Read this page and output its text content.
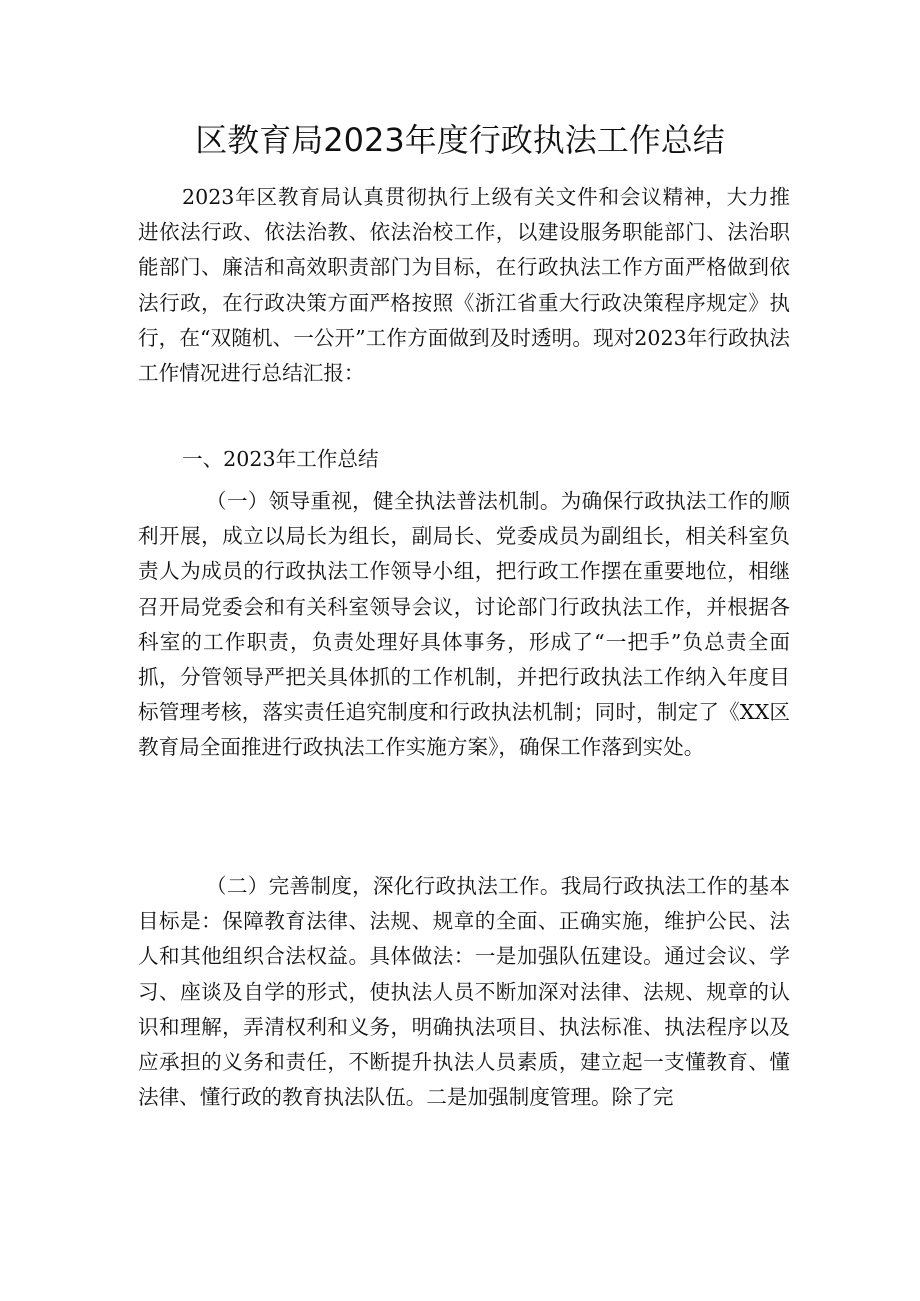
区教育局2023年度行政执法工作总结

2023年区教育局认真贯彻执行上级有关文件和会议精神，大力推进依法行政、依法治教、依法治校工作，以建设服务职能部门、法治职能部门、廉洁和高效职责部门为目标，在行政执法工作方面严格做到依法行政，在行政决策方面严格按照《浙江省重大行政决策程序规定》执行，在“双随机、一公开”工作方面做到及时透明。现对2023年行政执法工作情况进行总结汇报：

一、2023年工作总结

（一）领导重视，健全执法普法机制。为确保行政执法工作的顺利开展，成立以局长为组长，副局长、党委成员为副组长，相关科室负责人为成员的行政执法工作领导小组，把行政工作摆在重要地位，相继召开局党委会和有关科室领导会议，讨论部门行政执法工作，并根据各科室的工作职责，负责处理好具体事务，形成了“一把手”负总责全面抓，分管领导严把关具体抓的工作机制，并把行政执法工作纳入年度目标管理考核，落实责任追究制度和行政执法机制；同时，制定了《XX区教育局全面推进行政执法工作实施方案》，确保工作落到实处。

（二）完善制度，深化行政执法工作。我局行政执法工作的基本目标是：保障教育法律、法规、规章的全面、正确实施，维护公民、法人和其他组织合法权益。具体做法：一是加强队伍建设。通过会议、学习、座谈及自学的形式，使执法人员不断加深对法律、法规、规章的认识和理解，弄清权利和义务，明确执法项目、执法标准、执法程序以及应承担的义务和责任，不断提升执法人员素质，建立起一支懂教育、懂法律、懂行政的教育执法队伍。二是加强制度管理。除了完
